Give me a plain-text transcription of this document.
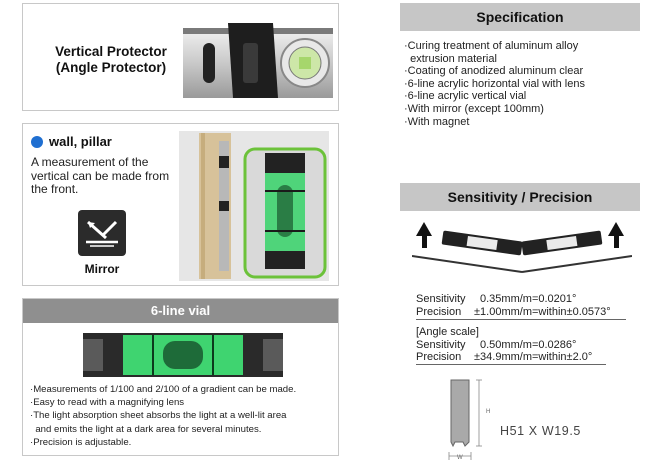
Vertical Protector
(Angle Protector)
wall, pillar
A measurement of the vertical can be made from the front.
Mirror
6-line vial
·Measurements of 1/100 and 2/100 of a gradient can be made.
·Easy to read with a magnifying lens
·The light absorption sheet absorbs the light at a well-lit area
and emits the light at a dark area for several minutes.
·Precision is adjustable.
Specification
·Curing treatment of aluminum alloy
extrusion material
·Coating of anodized aluminum clear
·6-line acrylic horizontal vial with lens
·6-line acrylic vertical vial
·With mirror (except 100mm)
·With magnet
Sensitivity / Precision
Sensitivity 0.35mm/m=0.0201°
Precision ±1.00mm/m=within±0.0573°
[Angle scale]
Sensitivity 0.50mm/m=0.0286°
Precision ±34.9mm/m=within±2.0°
H
W
H51 X W19.5
